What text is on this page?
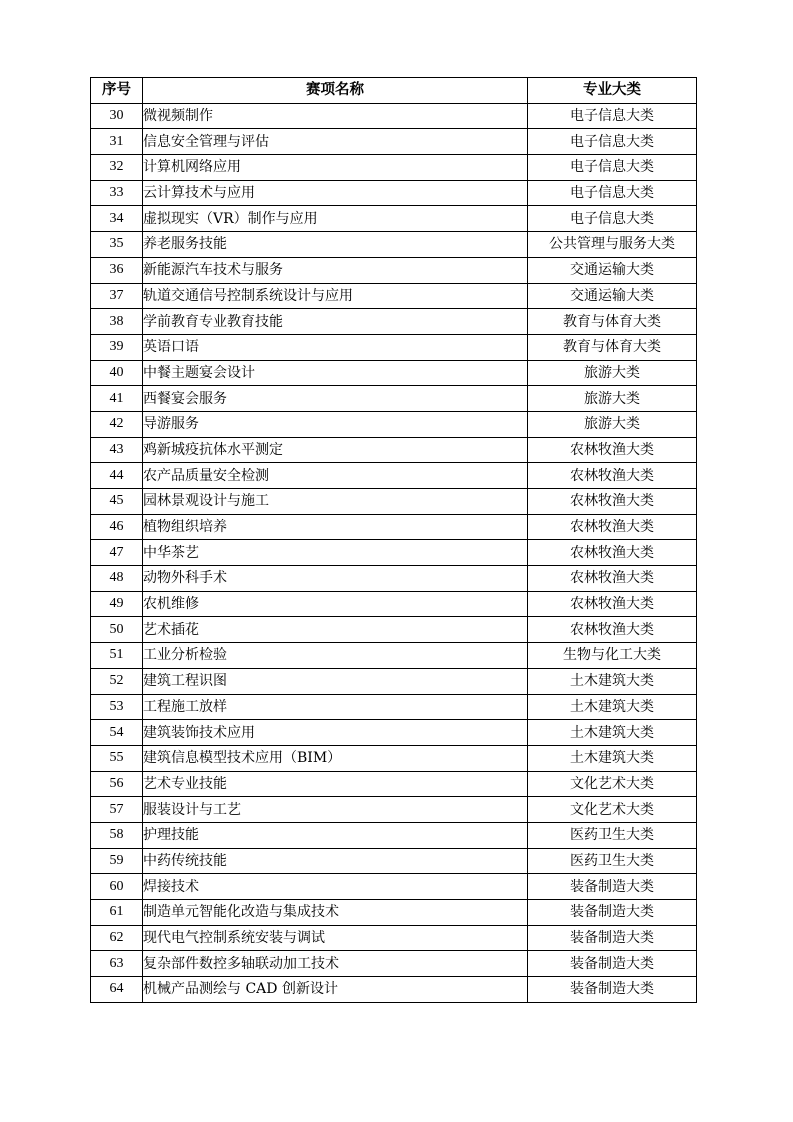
序号	赛项名称	专业大类
30	微视频制作	电子信息大类
31	信息安全管理与评估	电子信息大类
32	计算机网络应用	电子信息大类
33	云计算技术与应用	电子信息大类
34	虚拟现实（VR）制作与应用	电子信息大类
35	养老服务技能	公共管理与服务大类
36	新能源汽车技术与服务	交通运输大类
37	轨道交通信号控制系统设计与应用	交通运输大类
38	学前教育专业教育技能	教育与体育大类
39	英语口语	教育与体育大类
40	中餐主题宴会设计	旅游大类
41	西餐宴会服务	旅游大类
42	导游服务	旅游大类
43	鸡新城疫抗体水平测定	农林牧渔大类
44	农产品质量安全检测	农林牧渔大类
45	园林景观设计与施工	农林牧渔大类
46	植物组织培养	农林牧渔大类
47	中华茶艺	农林牧渔大类
48	动物外科手术	农林牧渔大类
49	农机维修	农林牧渔大类
50	艺术插花	农林牧渔大类
51	工业分析检验	生物与化工大类
52	建筑工程识图	土木建筑大类
53	工程施工放样	土木建筑大类
54	建筑装饰技术应用	土木建筑大类
55	建筑信息模型技术应用（BIM）	土木建筑大类
56	艺术专业技能	文化艺术大类
57	服装设计与工艺	文化艺术大类
58	护理技能	医药卫生大类
59	中药传统技能	医药卫生大类
60	焊接技术	装备制造大类
61	制造单元智能化改造与集成技术	装备制造大类
62	现代电气控制系统安装与调试	装备制造大类
63	复杂部件数控多轴联动加工技术	装备制造大类
64	机械产品测绘与 CAD 创新设计	装备制造大类
